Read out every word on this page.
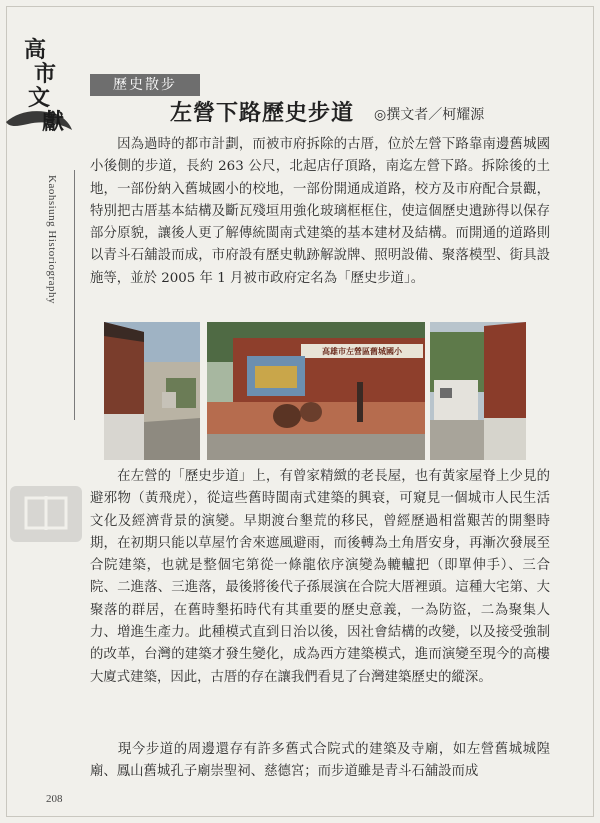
高
市
文
Kaohsiung Historiography
歷史散步
左營下路歷史步道 ◎撰文者／柯耀源

　　因為過時的都市計劃，而被市府拆除的古厝，位於左營下路靠南邊舊城國小後側的步道，長約 263 公尺，北起店仔頂路，南迄左營下路。拆除後的土地，一部份納入舊城國小的校地，一部份開通成道路，校方及市府配合景觀，特別把古厝基本結構及斷瓦殘垣用強化玻璃框框住，使這個歷史遺跡得以保存部分原貌，讓後人更了解傳統閩南式建築的基本建材及結構。而開通的道路則以青斗石舖設而成，市府設有歷史軌跡解說牌、照明設備、聚落模型、街具設施等，並於 2005 年 1 月被市政府定名為「歷史步道」。

高雄市左營區舊城國小

　　在左營的「歷史步道」上，有曾家精緻的老長屋，也有黃家屋脊上少見的避邪物（黃飛虎），從這些舊時閩南式建築的興衰，可窺見一個城市人民生活文化及經濟背景的演變。早期渡台墾荒的移民，曾經歷過相當艱苦的開墾時期，在初期只能以草屋竹舍來遮風避雨，而後轉為土角厝安身，再漸次發展至合院建築，也就是整個宅第從一條龍依序演變為轆轤把（即單伸手）、三合院、二進落、三進落，最後將後代子孫展演在合院大厝裡頭。這種大宅第、大聚落的群居，在舊時墾拓時代有其重要的歷史意義，一為防盜，二為聚集人力、增進生產力。此種模式直到日治以後，因社會結構的改變，以及接受強制的改革，台灣的建築才發生變化，成為西方建築模式，進而演變至現今的高樓大廈式建築，因此，古厝的存在讓我們看見了台灣建築歷史的縱深。

　　現今步道的周邊還存有許多舊式合院式的建築及寺廟，如左營舊城城隍廟、鳳山舊城孔子廟崇聖祠、慈德宮；而步道雖是青斗石舖設而成

208
